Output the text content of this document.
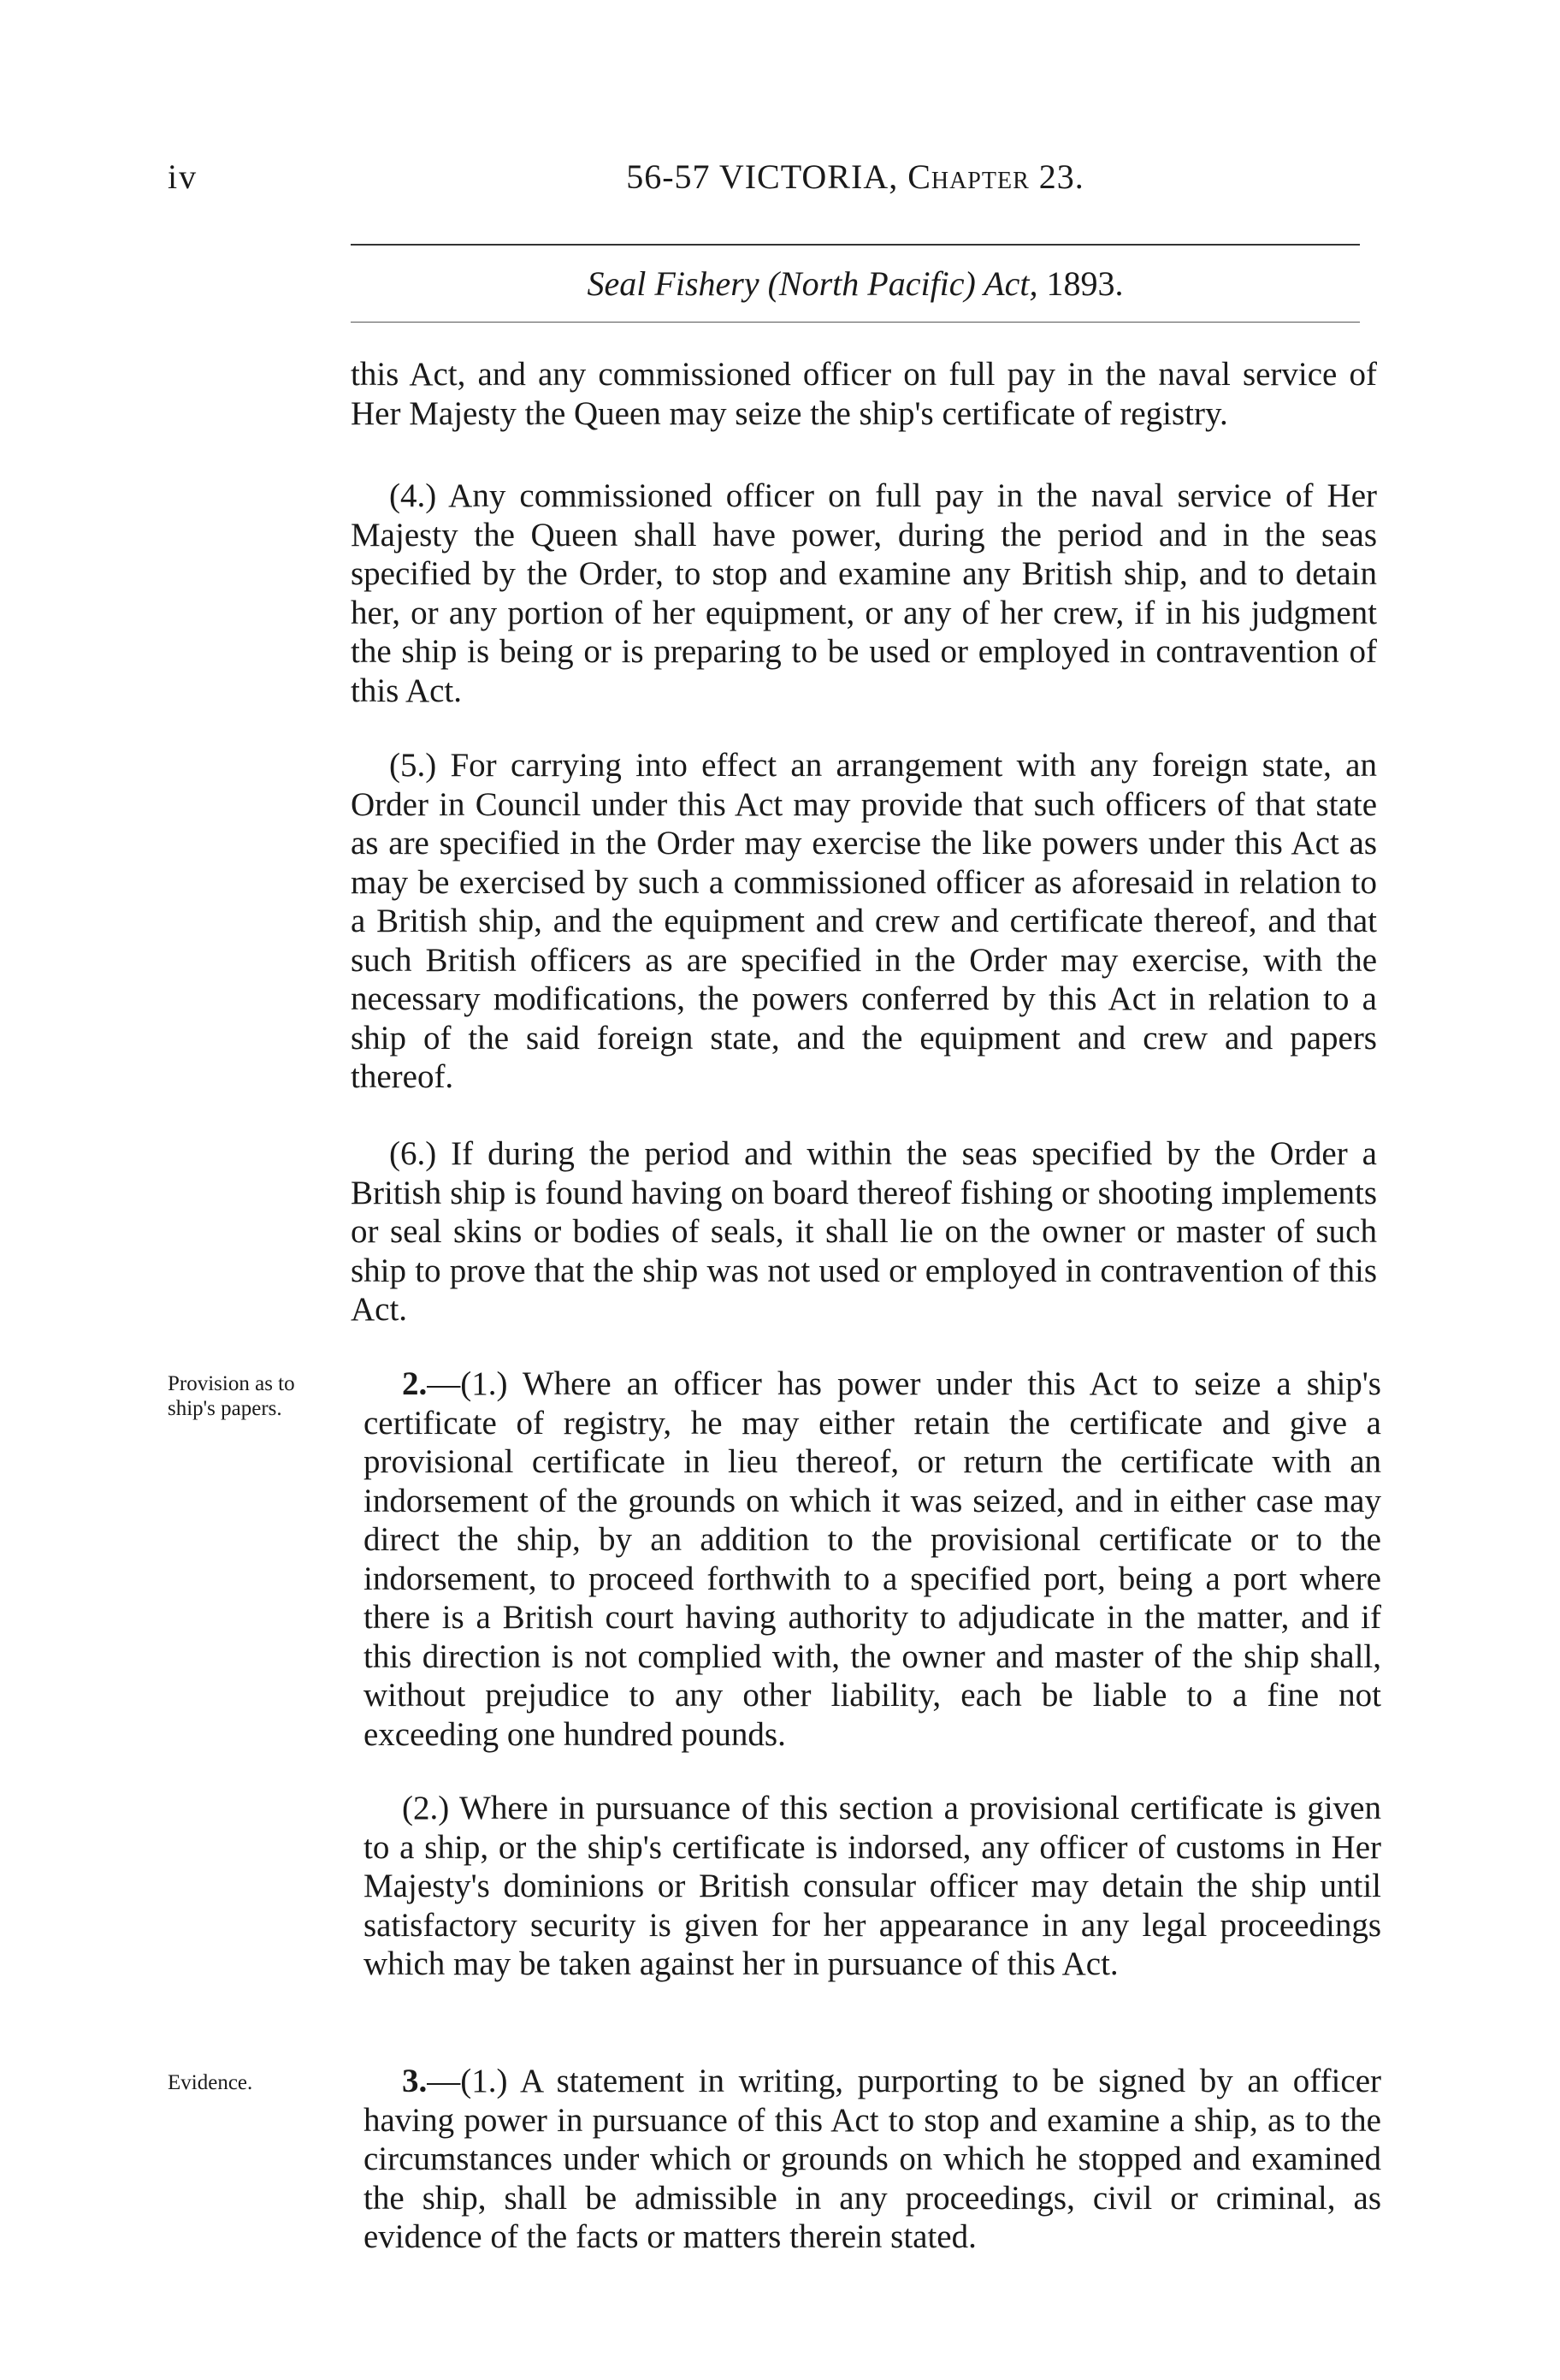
iv	56-57 VICTORIA, Chapter 23.
Seal Fishery (North Pacific) Act, 1893.

this Act, and any commissioned officer on full pay in the naval service of Her Majesty the Queen may seize the ship's certificate of registry.

(4.) Any commissioned officer on full pay in the naval service of Her Majesty the Queen shall have power, during the period and in the seas specified by the Order, to stop and examine any British ship, and to detain her, or any portion of her equipment, or any of her crew, if in his judgment the ship is being or is preparing to be used or employed in contravention of this Act.

(5.) For carrying into effect an arrangement with any foreign state, an Order in Council under this Act may provide that such officers of that state as are specified in the Order may exercise the like powers under this Act as may be exercised by such a commissioned officer as aforesaid in relation to a British ship, and the equipment and crew and certificate thereof, and that such British officers as are specified in the Order may exercise, with the necessary modifications, the powers conferred by this Act in relation to a ship of the said foreign state, and the equipment and crew and papers thereof.

(6.) If during the period and within the seas specified by the Order a British ship is found having on board thereof fishing or shooting implements or seal skins or bodies of seals, it shall lie on the owner or master of such ship to prove that the ship was not used or employed in contravention of this Act.

Provision as to
ship's papers.

2.—(1.) Where an officer has power under this Act to seize a ship's certificate of registry, he may either retain the certificate and give a provisional certificate in lieu thereof, or return the certificate with an indorsement of the grounds on which it was seized, and in either case may direct the ship, by an addition to the provisional certificate or to the indorsement, to proceed forthwith to a specified port, being a port where there is a British court having authority to adjudicate in the matter, and if this direction is not complied with, the owner and master of the ship shall, without prejudice to any other liability, each be liable to a fine not exceeding one hundred pounds.

(2.) Where in pursuance of this section a provisional certificate is given to a ship, or the ship's certificate is indorsed, any officer of customs in Her Majesty's dominions or British consular officer may detain the ship until satisfactory security is given for her appearance in any legal proceedings which may be taken against her in pursuance of this Act.

Evidence.	3.—(1.) A statement in writing, purporting to be signed by an officer having power in pursuance of this Act to stop and examine a ship, as to the circumstances under which or grounds on which he stopped and examined the ship, shall be admissible in any proceedings, civil or criminal, as evidence of the facts or matters therein stated.
